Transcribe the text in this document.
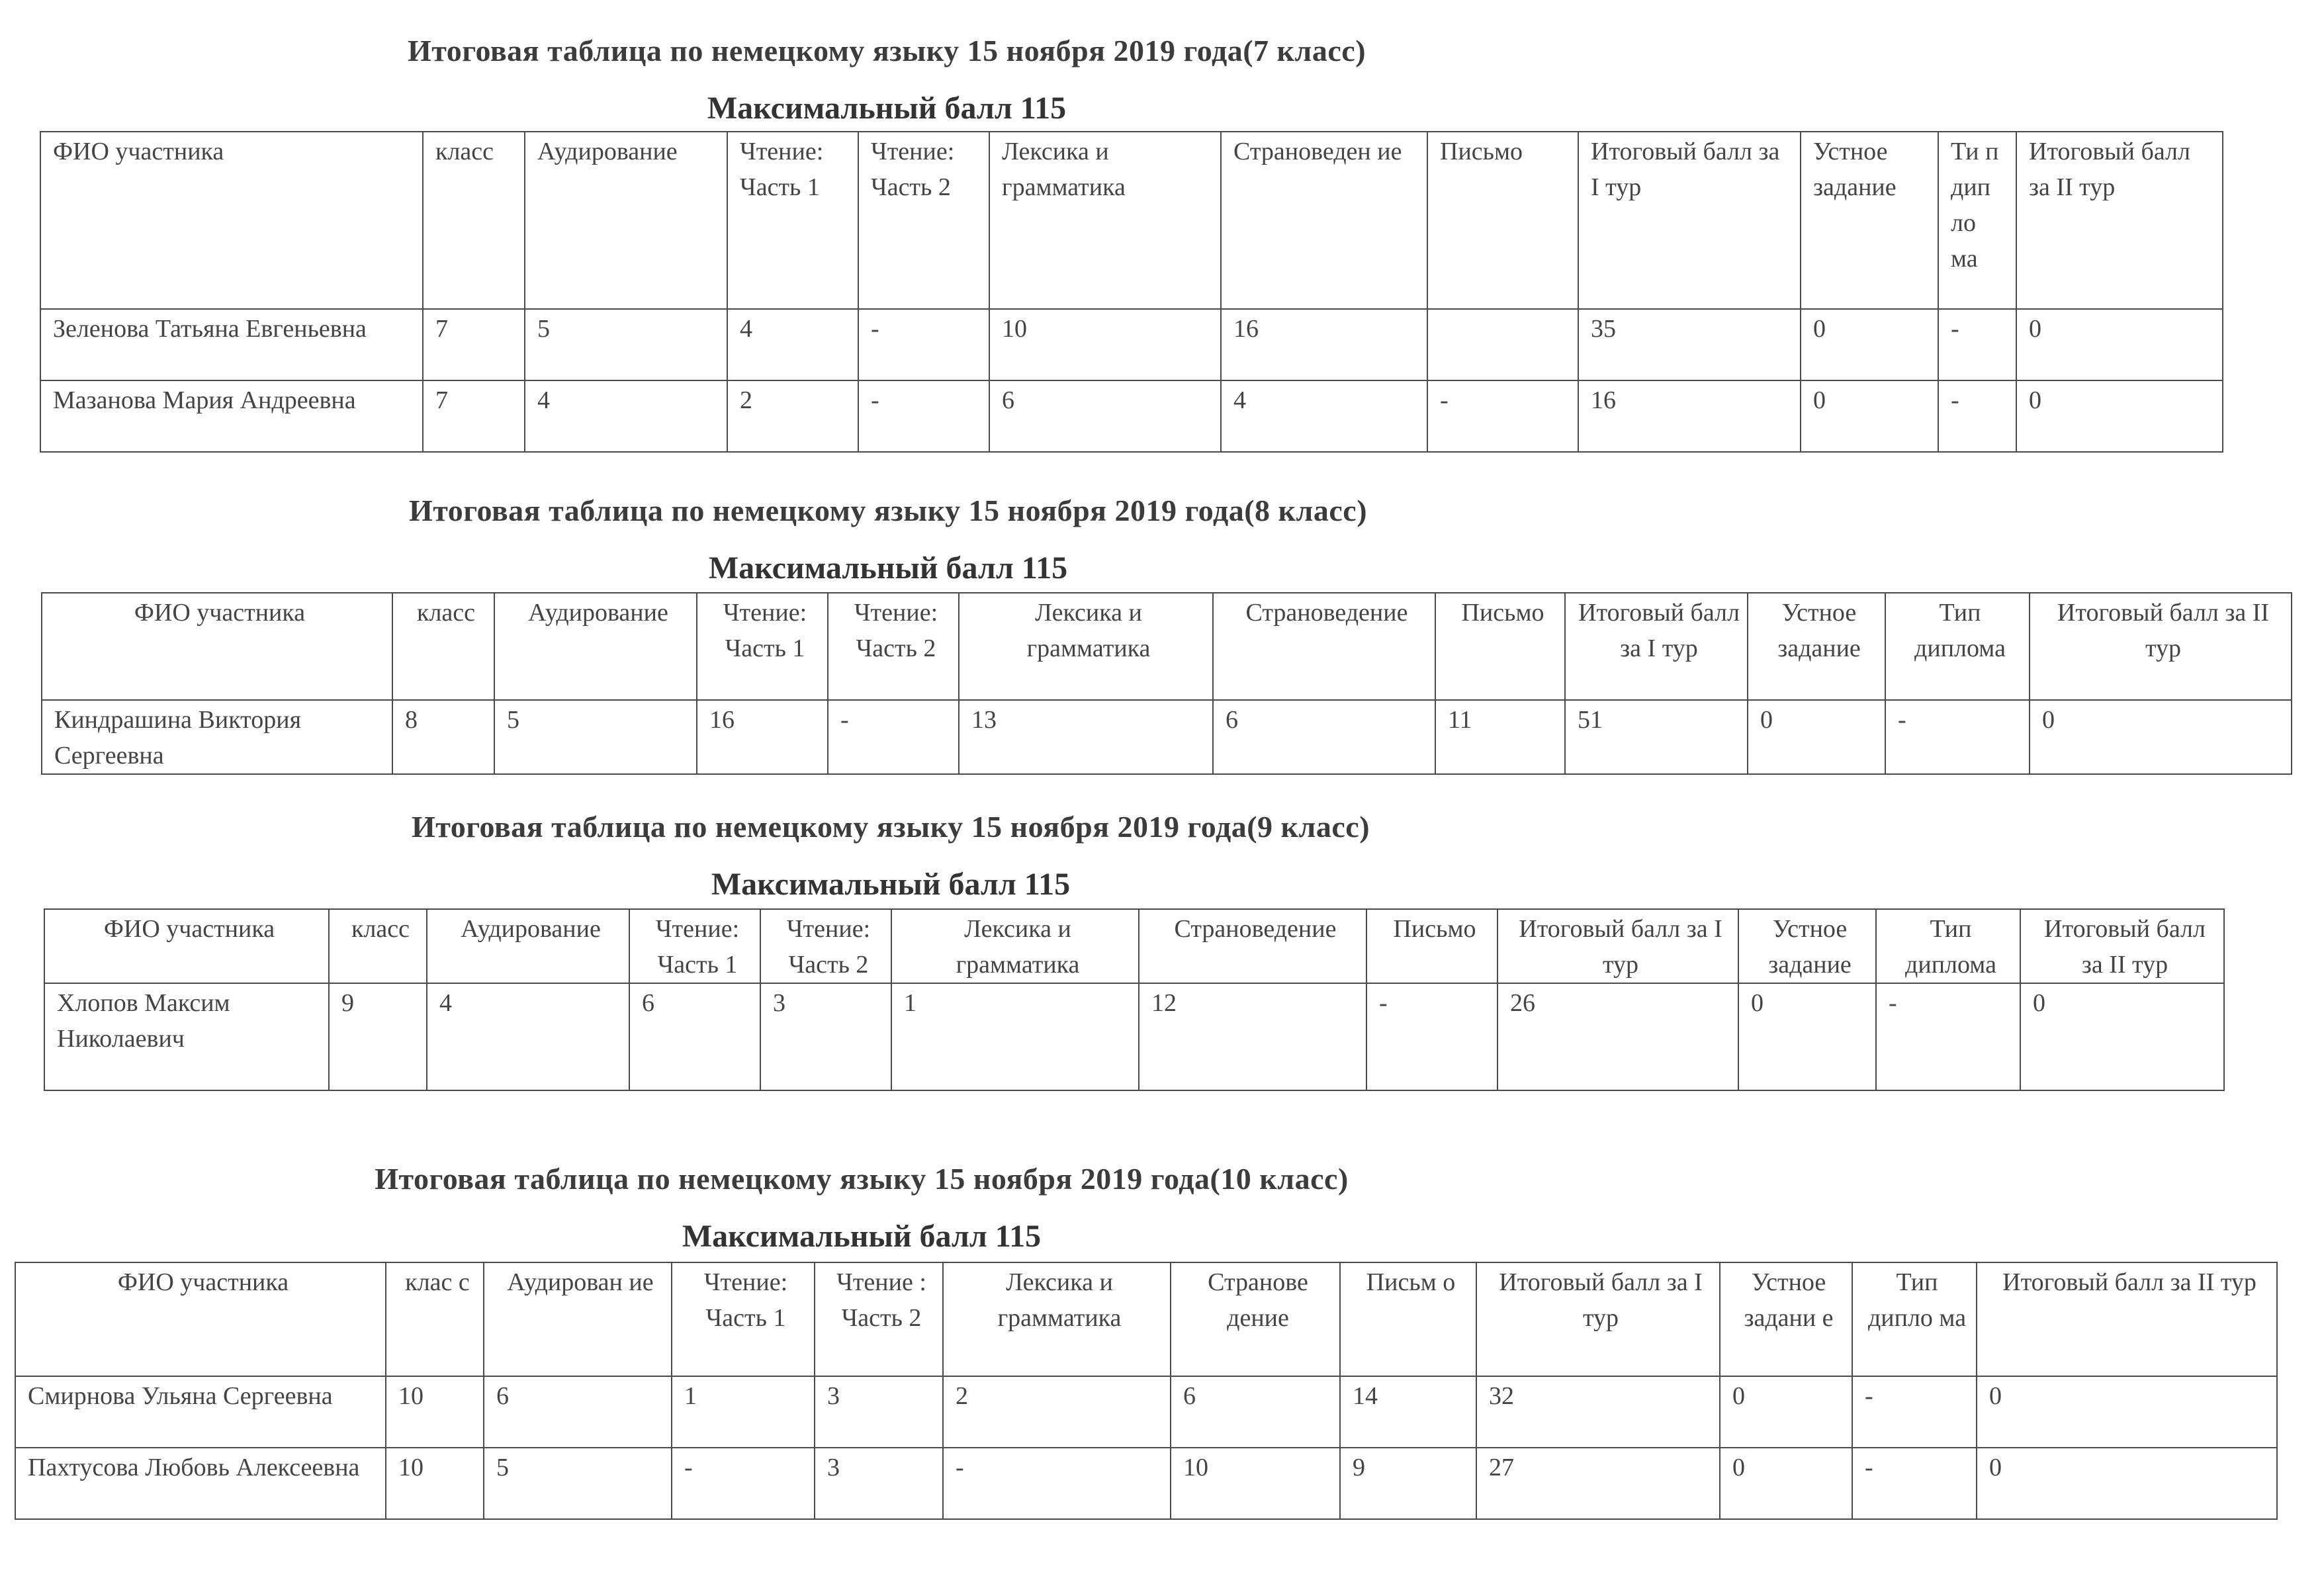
Итоговая таблица по немецкому языку 15 ноября 2019 года(7 класс)
Максимальный балл 115
ФИО участника	класс	Аудирование	Чтение: Часть 1	Чтение: Часть 2	Лексика и грамматика	Страноведен ие	Письмо	Итоговый балл за I тур	Устное задание	Ти п дип ло ма	Итоговый балл за II тур
Зеленова Татьяна Евгеньевна	7	5	4	-	10	16		35	0	-	0
Мазанова Мария Андреевна	7	4	2	-	6	4	-	16	0	-	0
Итоговая таблица по немецкому языку 15 ноября 2019 года(8 класс)
Максимальный балл 115
ФИО участника	класс	Аудирование	Чтение: Часть 1	Чтение: Часть 2	Лексика и грамматика	Страноведение	Письмо	Итоговый балл за I тур	Устное задание	Тип диплома	Итоговый балл за II тур
Киндрашина Виктория Сергеевна	8	5	16	-	13	6	11	51	0	-	0
Итоговая таблица по немецкому языку 15 ноября 2019 года(9 класс)
Максимальный балл 115
ФИО участника	класс	Аудирование	Чтение: Часть 1	Чтение: Часть 2	Лексика и грамматика	Страноведение	Письмо	Итоговый балл за I тур	Устное задание	Тип диплома	Итоговый балл за II тур
Хлопов Максим Николаевич	9	4	6	3	1	12	-	26	0	-	0
Итоговая таблица по немецкому языку 15 ноября 2019 года(10 класс)
Максимальный балл 115
ФИО участника	клас с	Аудирован ие	Чтение: Часть 1	Чтение : Часть 2	Лексика и грамматика	Странове дение	Письм о	Итоговый балл за I тур	Устное задани е	Тип дипло ма	Итоговый балл за II тур
Смирнова Ульяна Сергеевна	10	6	1	3	2	6	14	32	0	-	0
Пахтусова Любовь Алексеевна	10	5	-	3	-	10	9	27	0	-	0
